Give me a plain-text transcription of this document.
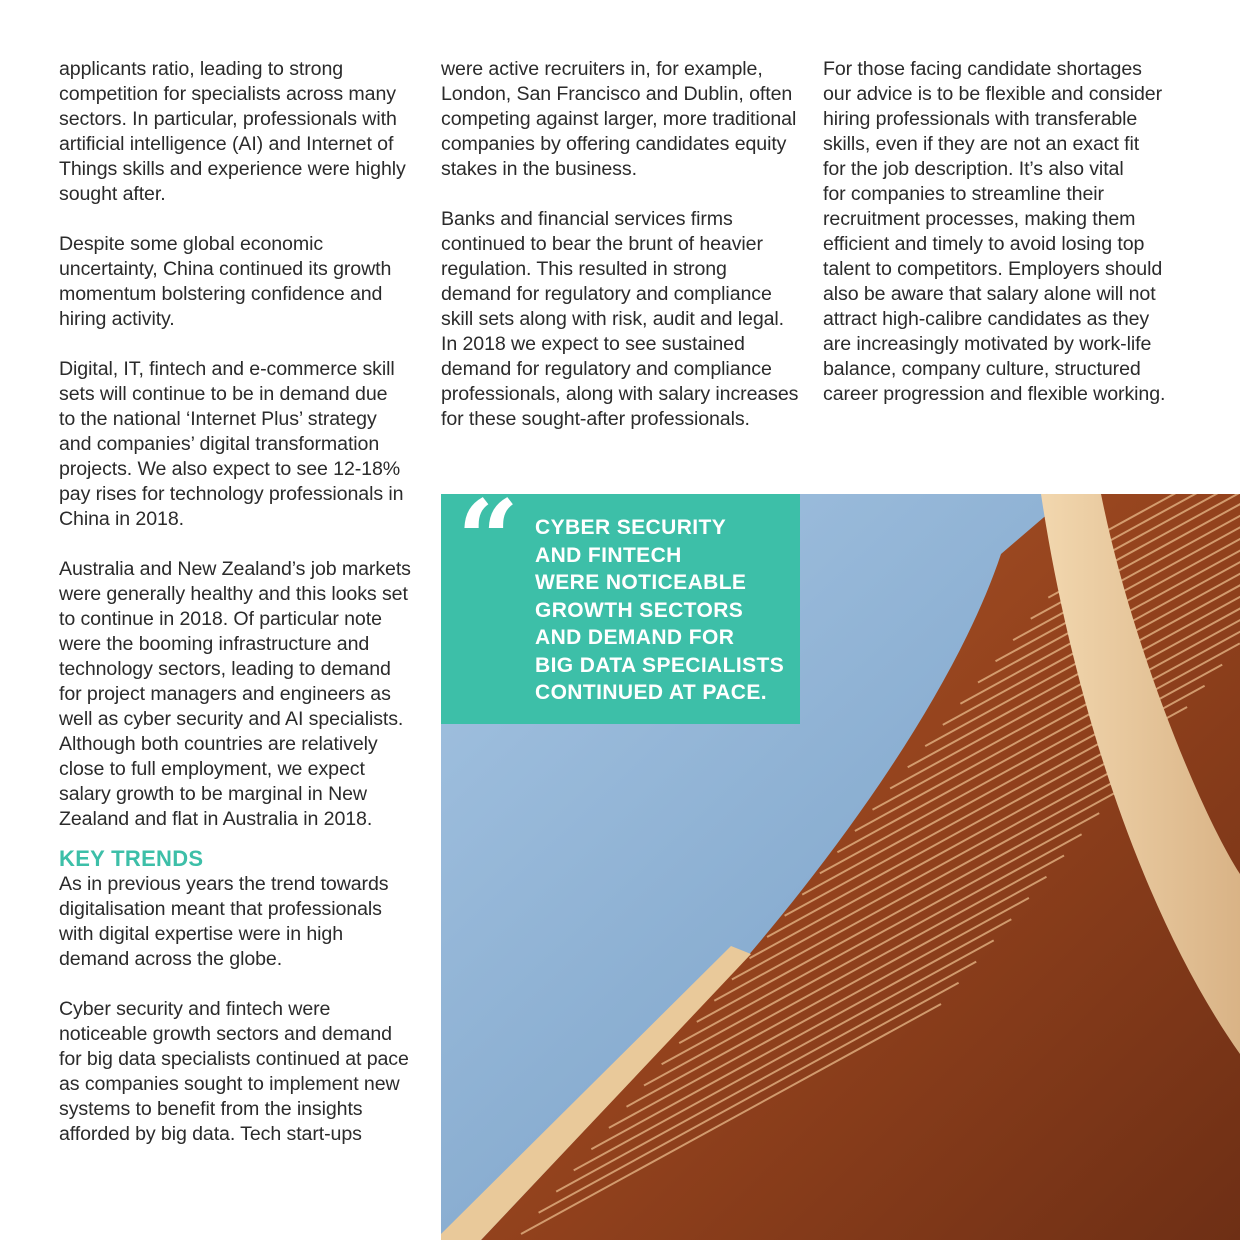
applicants ratio, leading to strong
competition for specialists across many
sectors. In particular, professionals with
artificial intelligence (AI) and Internet of
Things skills and experience were highly
sought after.

Despite some global economic
uncertainty, China continued its growth
momentum bolstering confidence and
hiring activity.

Digital, IT, fintech and e-commerce skill
sets will continue to be in demand due
to the national ‘Internet Plus’ strategy
and companies’ digital transformation
projects. We also expect to see 12-18%
pay rises for technology professionals in
China in 2018.

Australia and New Zealand’s job markets
were generally healthy and this looks set
to continue in 2018. Of particular note
were the booming infrastructure and
technology sectors, leading to demand
for project managers and engineers as
well as cyber security and AI specialists.
Although both countries are relatively
close to full employment, we expect
salary growth to be marginal in New
Zealand and flat in Australia in 2018.

KEY TRENDS

As in previous years the trend towards
digitalisation meant that professionals
with digital expertise were in high
demand across the globe.

Cyber security and fintech were
noticeable growth sectors and demand
for big data specialists continued at pace
as companies sought to implement new
systems to benefit from the insights
afforded by big data. Tech start-ups

were active recruiters in, for example,
London, San Francisco and Dublin, often
competing against larger, more traditional
companies by offering candidates equity
stakes in the business.

Banks and financial services firms
continued to bear the brunt of heavier
regulation. This resulted in strong
demand for regulatory and compliance
skill sets along with risk, audit and legal.
In 2018 we expect to see sustained
demand for regulatory and compliance
professionals, along with salary increases
for these sought-after professionals.

For those facing candidate shortages
our advice is to be flexible and consider
hiring professionals with transferable
skills, even if they are not an exact fit
for the job description. It’s also vital
for companies to streamline their
recruitment processes, making them
efficient and timely to avoid losing top
talent to competitors. Employers should
also be aware that salary alone will not
attract high-calibre candidates as they
are increasingly motivated by work-life
balance, company culture, structured
career progression and flexible working.

“ CYBER SECURITY
AND FINTECH
WERE NOTICEABLE
GROWTH SECTORS
AND DEMAND FOR
BIG DATA SPECIALISTS
CONTINUED AT PACE.
